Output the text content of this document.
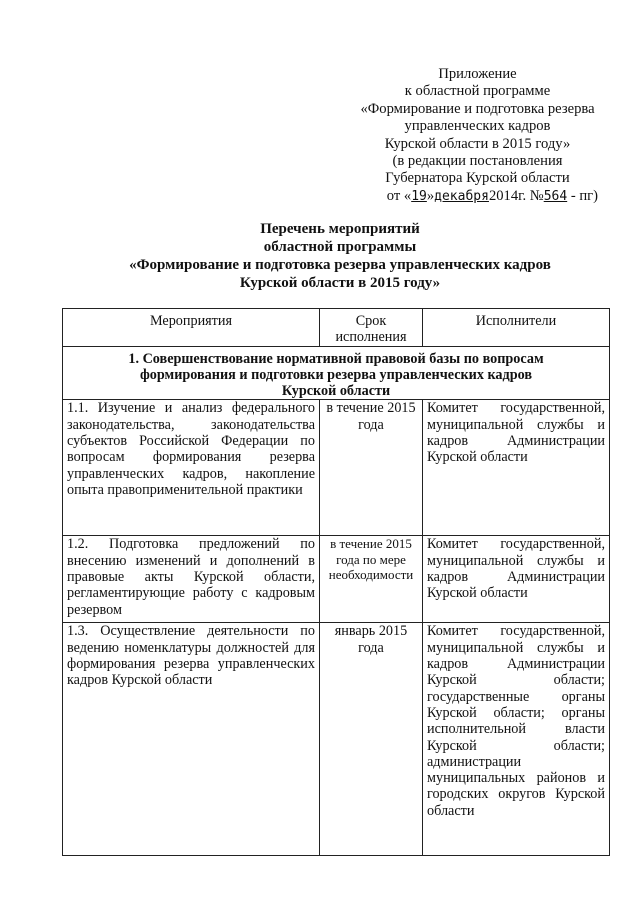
Приложение
к областной программе
«Формирование и подготовка резерва
управленческих кадров
Курской области в 2015 году»
(в редакции постановления
Губернатора Курской области
от «19»декабря2014г. №564 - пг)
Перечень мероприятий
областной программы
«Формирование и подготовка резерва управленческих кадров
Курской области в 2015 году»
Мероприятия	Срок исполнения	Исполнители

1. Совершенствование нормативной правовой базы по вопросам
формирования и подготовки резерва управленческих кадров
Курской области		

1.1. Изучение и анализ федерального законодательства, законодательства субъектов Российской Федерации по вопросам формирования резерва управленческих кадров, накопление опыта правоприменительной практики	в течение 2015 года	Комитет государственной, муниципальной службы и кадров Администрации Курской области
1.2. Подготовка предложений по внесению изменений и дополнений в правовые акты Курской области, регламентирующие работу с кадровым резервом	в течение 2015 года по мере необходимости	Комитет государственной, муниципальной службы и кадров Администрации Курской области
1.3. Осуществление деятельности по ведению номенклатуры должностей для формирования резерва управленческих кадров Курской области	январь 2015 года	Комитет государственной, муниципальной службы и кадров Администрации Курской области; государственные органы Курской области; органы исполнительной власти Курской области; администрации муниципальных районов и городских округов Курской области
